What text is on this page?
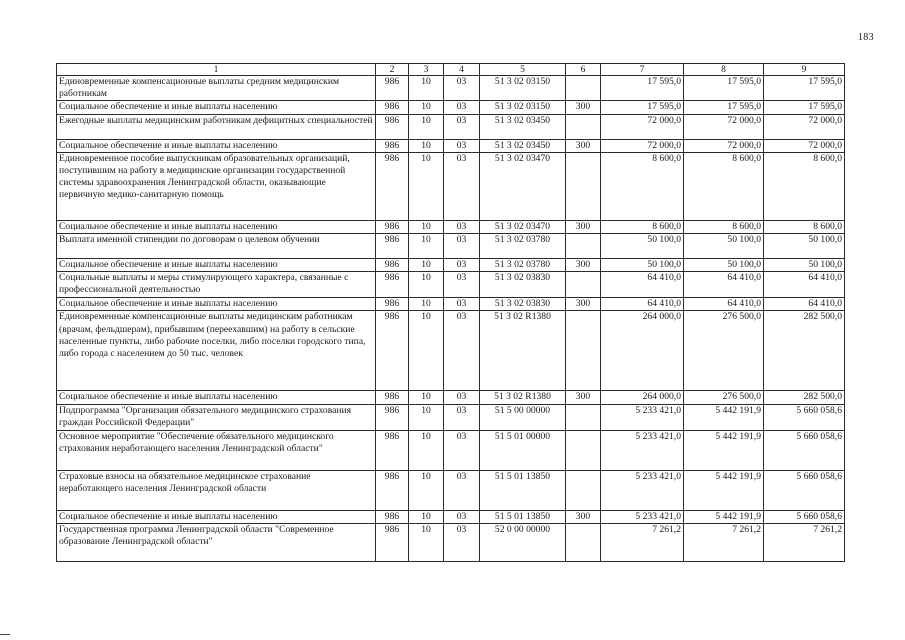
183
1	2	3	4	5	6	7	8	9
Единовременные компенсационные выплаты средним медицинским работникам	986	10	03	51 3 02 03150		17 595,0	17 595,0	17 595,0
Социальное обеспечение и иные выплаты населению	986	10	03	51 3 02 03150	300	17 595,0	17 595,0	17 595,0
Ежегодные выплаты медицинским работникам дефицитных специальностей	986	10	03	51 3 02 03450		72 000,0	72 000,0	72 000,0
Социальное обеспечение и иные выплаты населению	986	10	03	51 3 02 03450	300	72 000,0	72 000,0	72 000,0
Единовременное пособие выпускникам образовательных организаций, поступившим на работу в медицинские организации государственной системы здравоохранения Ленинградской области, оказывающие первичную медико-санитарную помощь	986	10	03	51 3 02 03470		8 600,0	8 600,0	8 600,0
Социальное обеспечение и иные выплаты населению	986	10	03	51 3 02 03470	300	8 600,0	8 600,0	8 600,0
Выплата именной стипендии по договорам о целевом обучении	986	10	03	51 3 02 03780		50 100,0	50 100,0	50 100,0
Социальное обеспечение и иные выплаты населению	986	10	03	51 3 02 03780	300	50 100,0	50 100,0	50 100,0
Социальные выплаты и меры стимулирующего характера, связанные с профессиональной деятельностью	986	10	03	51 3 02 03830		64 410,0	64 410,0	64 410,0
Социальное обеспечение и иные выплаты населению	986	10	03	51 3 02 03830	300	64 410,0	64 410,0	64 410,0
Единовременные компенсационные выплаты медицинским работникам (врачам, фельдшерам), прибывшим (переехавшим) на работу в сельские населенные пункты, либо рабочие поселки, либо поселки городского типа, либо города с населением до 50 тыс. человек	986	10	03	51 3 02 R1380		264 000,0	276 500,0	282 500,0
Социальное обеспечение и иные выплаты населению	986	10	03	51 3 02 R1380	300	264 000,0	276 500,0	282 500,0
Подпрограмма "Организация обязательного медицинского страхования граждан Российской Федерации"	986	10	03	51 5 00 00000		5 233 421,0	5 442 191,9	5 660 058,6
Основное мероприятие "Обеспечение обязательного медицинского страхования неработающего населения Ленинградской области"	986	10	03	51 5 01 00000		5 233 421,0	5 442 191,9	5 660 058,6
Страховые взносы на обязательное медицинское страхование неработающего населения Ленинградской области	986	10	03	51 5 01 13850		5 233 421,0	5 442 191,9	5 660 058,6
Социальное обеспечение и иные выплаты населению	986	10	03	51 5 01 13850	300	5 233 421,0	5 442 191,9	5 660 058,6
Государственная программа Ленинградской области "Современное образование Ленинградской области"	986	10	03	52 0 00 00000		7 261,2	7 261,2	7 261,2
